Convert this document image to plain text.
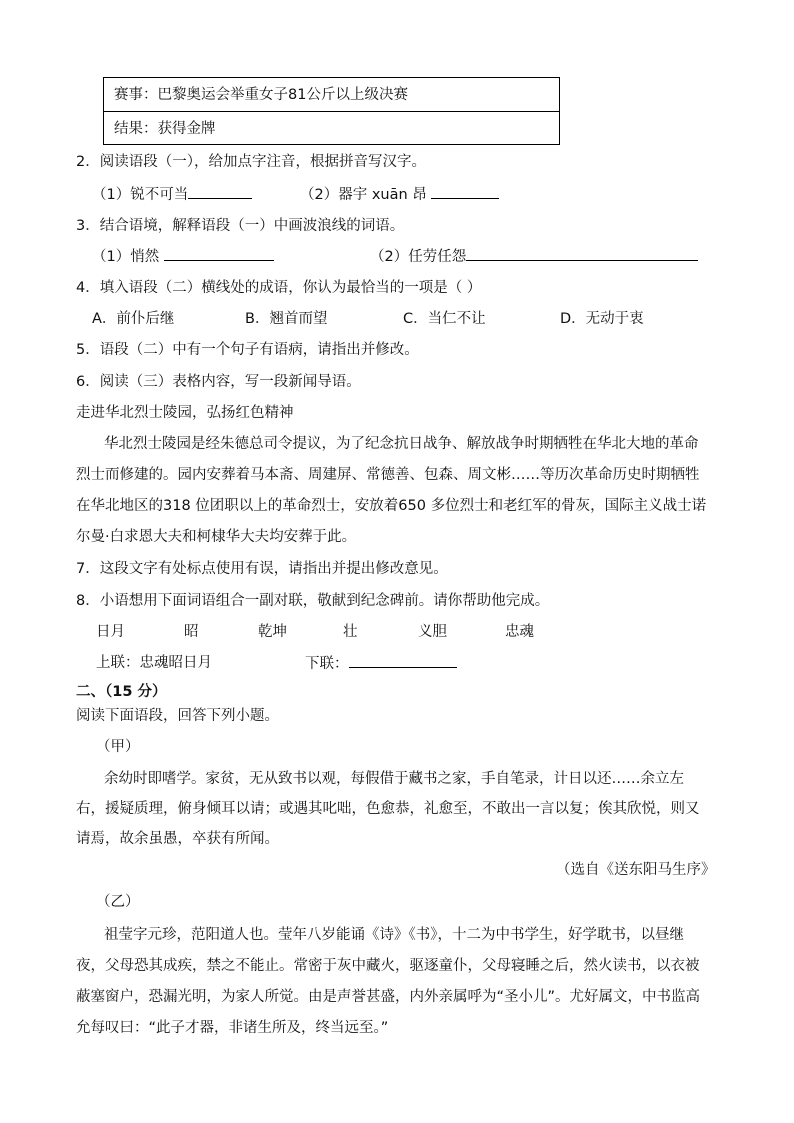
赛事：巴黎奥运会举重女子81公斤以上级决赛
结果：获得金牌
2．阅读语段（一），给加点字注音，根据拼音写汉字。
（1）锐不可当	（2）器宇 xuān 昂
3．结合语境，解释语段（一）中画波浪线的词语。
（1）悄然	（2）任劳任怨
4．填入语段（二）横线处的成语，你认为最恰当的一项是（ ）
A．前仆后继	B．翘首而望	C．当仁不让	D．无动于衷
5．语段（二）中有一个句子有语病，请指出并修改。
6．阅读（三）表格内容，写一段新闻导语。
走进华北烈士陵园，弘扬红色精神
华北烈士陵园是经朱德总司令提议，为了纪念抗日战争、解放战争时期牺牲在华北大地的革命
烈士而修建的。园内安葬着马本斋、周建屏、常德善、包森、周文彬……等历次革命历史时期牺牲
在华北地区的318 位团职以上的革命烈士，安放着650 多位烈士和老红军的骨灰，国际主义战士诺
尔曼·白求恩大夫和柯棣华大夫均安葬于此。
7．这段文字有处标点使用有误，请指出并提出修改意见。
8．小语想用下面词语组合一副对联，敬献到纪念碑前。请你帮助他完成。
日月	昭	乾坤	壮	义胆	忠魂
上联：忠魂昭日月	下联：
二、（15 分）
阅读下面语段，回答下列小题。
（甲）
余幼时即嗜学。家贫，无从致书以观，每假借于藏书之家，手自笔录，计日以还……余立左
右，援疑质理，俯身倾耳以请；或遇其叱咄，色愈恭，礼愈至，不敢出一言以复；俟其欣悦，则又
请焉，故余虽愚，卒获有所闻。
（选自《送东阳马生序》
（乙）
祖莹字元珍，范阳道人也。莹年八岁能诵《诗》《书》，十二为中书学生，好学耽书，以昼继
夜，父母恐其成疾，禁之不能止。常密于灰中藏火，驱逐童仆，父母寝睡之后，然火读书，以衣被
蔽塞窗户，恐漏光明，为家人所觉。由是声誉甚盛，内外亲属呼为“圣小儿”。尤好属文，中书监高
允每叹曰：“此子才器，非诸生所及，终当远至。”
